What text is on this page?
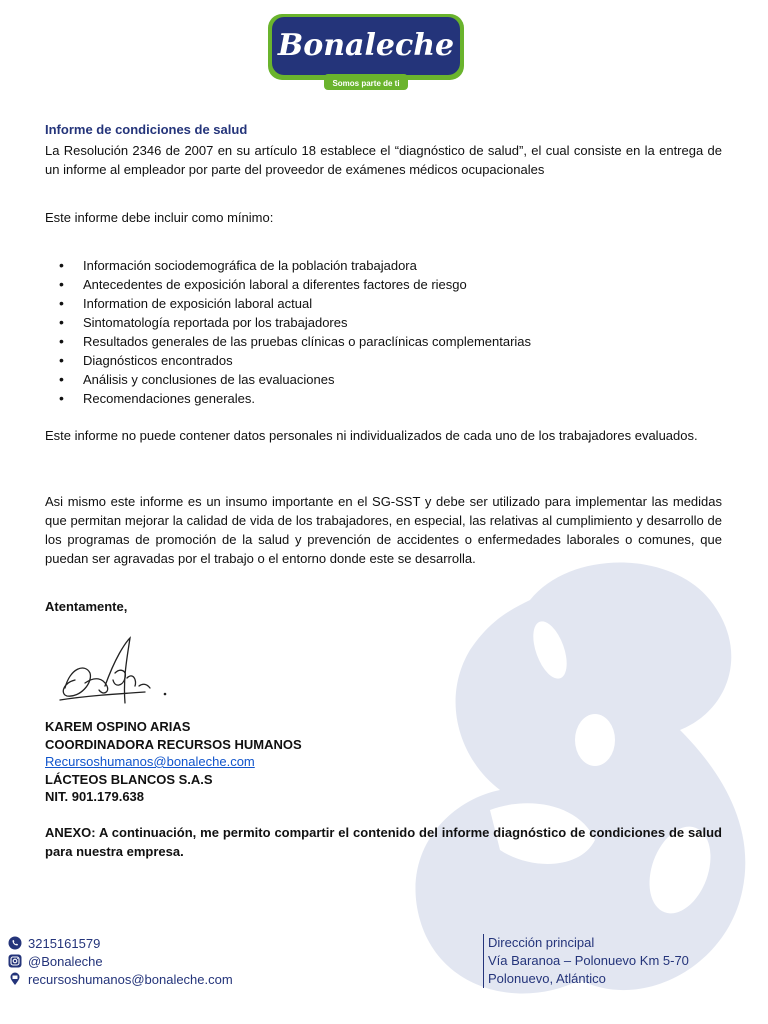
Bonaleche
Somos parte de ti
Informe de condiciones de salud
La Resolución 2346 de 2007 en su artículo 18 establece el “diagnóstico de salud”, el cual consiste en la entrega de un informe al empleador por parte del proveedor de exámenes médicos ocupacionales
Este informe debe incluir como mínimo:
• Información sociodemográfica de la población trabajadora
• Antecedentes de exposición laboral a diferentes factores de riesgo
• Information de exposición laboral actual
• Sintomatología reportada por los trabajadores
• Resultados generales de las pruebas clínicas o paraclínicas complementarias
• Diagnósticos encontrados
• Análisis y conclusiones de las evaluaciones
• Recomendaciones generales.
Este informe no puede contener datos personales ni individualizados de cada uno de los trabajadores evaluados.
Asi mismo este informe es un insumo importante en el SG-SST y debe ser utilizado para implementar las medidas que permitan mejorar la calidad de vida de los trabajadores, en especial, las relativas al cumplimiento y desarrollo de los programas de promoción de la salud y prevención de accidentes o enfermedades laborales o comunes, que puedan ser agravadas por el trabajo o el entorno donde este se desarrolla.
Atentamente,
KAREM OSPINO ARIAS
COORDINADORA RECURSOS HUMANOS
Recursoshumanos@bonaleche.com
LÁCTEOS BLANCOS S.A.S
NIT. 901.179.638
ANEXO: A continuación, me permito compartir el contenido del informe diagnóstico de condiciones de salud para nuestra empresa.
3215161579
@Bonaleche
recursoshumanos@bonaleche.com
Dirección principal
Vía Baranoa – Polonuevo Km 5-70
Polonuevo, Atlántico
